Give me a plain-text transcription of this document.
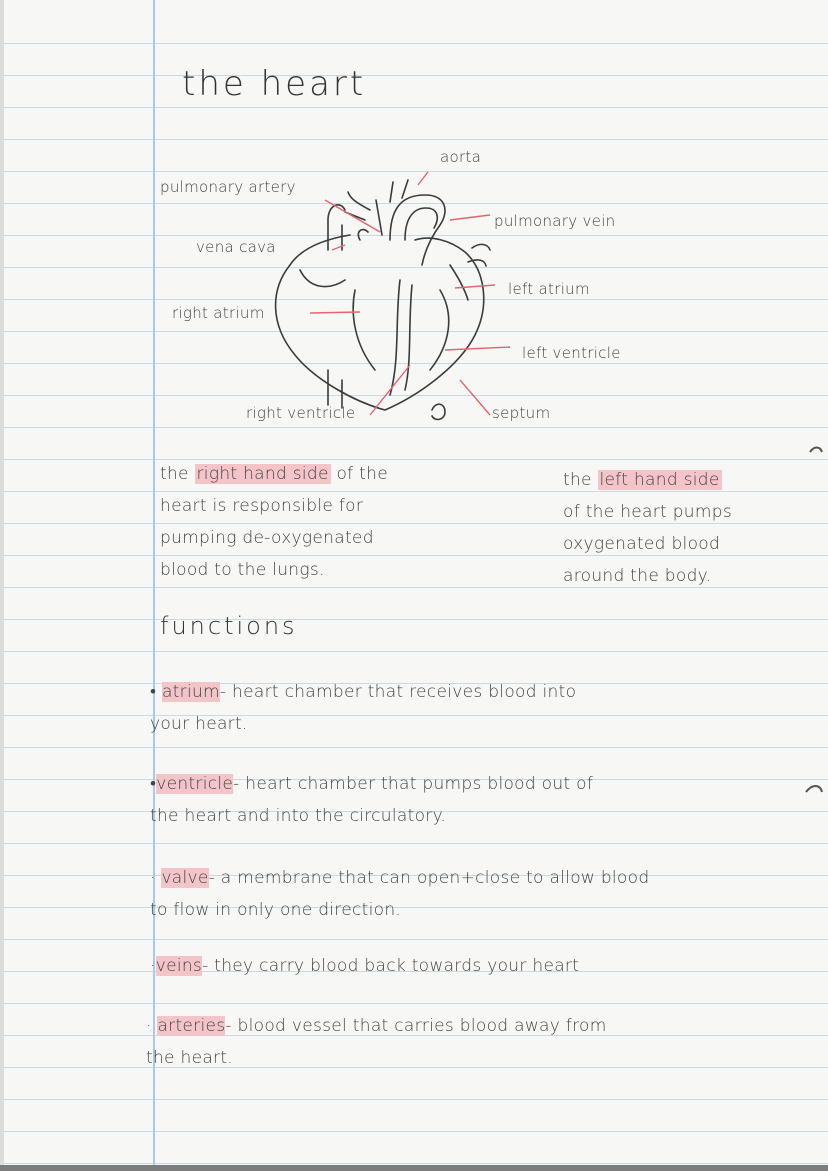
the heart
aorta
pulmonary artery
pulmonary vein
vena cava
left atrium
right atrium
left ventricle
right ventricle	septum
the right hand side of the
heart is responsible for
pumping de-oxygenated
blood to the lungs.
the left hand side
of the heart pumps
oxygenated blood
around the body.
functions
• atrium- heart chamber that receives blood into
your heart.
•ventricle- heart chamber that pumps blood out of
the heart and into the circulatory.
· valve- a membrane that can open+close to allow blood
to flow in only one direction.
·veins- they carry blood back towards your heart
· arteries- blood vessel that carries blood away from
the heart.
